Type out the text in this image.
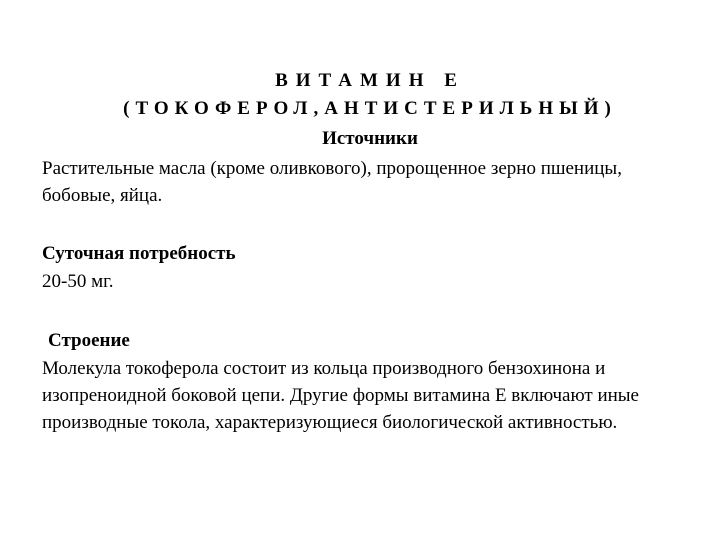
ВИТАМИН Е
(ТОКОФЕРОЛ,АНТИСТЕРИЛЬНЫЙ)
Источники

Растительные масла (кроме оливкового), пророщенное зерно пшеницы, бобовые, яйца.

Суточная потребность
20-50 мг.
Строение

Молекула токоферола состоит из кольца производного бензохинона и изопреноидной боковой цепи. Другие формы витамина Е включают иные производные токола, характеризующиеся биологической активностью.
